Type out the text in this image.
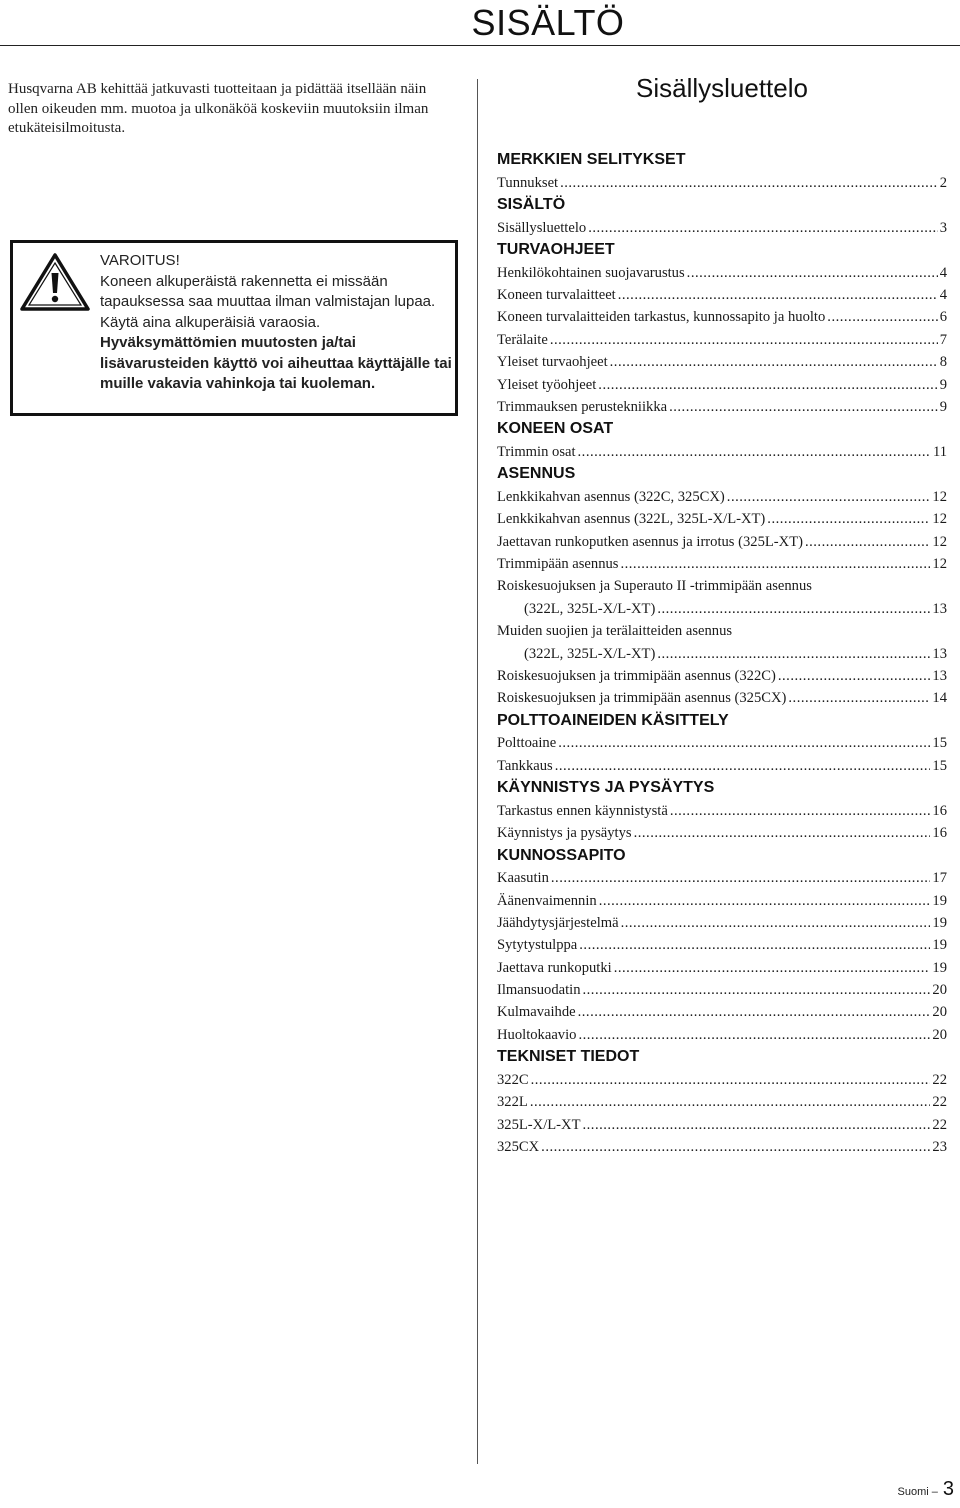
SISÄLTÖ
Husqvarna AB kehittää jatkuvasti tuotteitaan ja pidättää itsellään näin ollen oikeuden mm. muotoa ja ulkonäköä koskeviin muutoksiin ilman etukäteisilmoitusta.
VAROITUS!
Koneen alkuperäistä rakennetta ei missään tapauksessa saa muuttaa ilman valmistajan lupaa. Käytä aina alkuperäisiä varaosia. Hyväksymättömien muutosten ja/tai lisävarusteiden käyttö voi aiheuttaa käyttäjälle tai muille vakavia vahinkoja tai kuoleman.
Sisällysluettelo
MERKKIEN SELITYKSET
Tunnukset .....	2
SISÄLTÖ
Sisällysluettelo .....	3
TURVAOHJEET
Henkilökohtainen suojavarustus .....	4
Koneen turvalaitteet .....	4
Koneen turvalaitteiden tarkastus, kunnossapito ja huolto .....	6
Terälaite .....	7
Yleiset turvaohjeet .....	8
Yleiset työohjeet .....	9
Trimmauksen perustekniikka .....	9
KONEEN OSAT
Trimmin osat .....	11
ASENNUS
Lenkkikahvan asennus (322C, 325CX) .....	12
Lenkkikahvan asennus (322L, 325L-X/L-XT) .....	12
Jaettavan runkoputken asennus ja irrotus (325L-XT) .....	12
Trimmipään asennus .....	12
Roiskesuojuksen ja Superauto II -trimmipään asennus
(322L, 325L-X/L-XT) .....	13
Muiden suojien ja terälaitteiden asennus
(322L, 325L-X/L-XT) .....	13
Roiskesuojuksen ja trimmipään asennus (322C) .....	13
Roiskesuojuksen ja trimmipään asennus (325CX) .....	14
POLTTOAINEIDEN KÄSITTELY
Polttoaine .....	15
Tankkaus .....	15
KÄYNNISTYS JA PYSÄYTYS
Tarkastus ennen käynnistystä .....	16
Käynnistys ja pysäytys .....	16
KUNNOSSAPITO
Kaasutin .....	17
Äänenvaimennin .....	19
Jäähdytysjärjestelmä .....	19
Sytytystulppa .....	19
Jaettava runkoputki .....	19
Ilmansuodatin .....	20
Kulmavaihde .....	20
Huoltokaavio .....	20
TEKNISET TIEDOT
322C .....	22
322L .....	22
325L-X/L-XT .....	22
325CX .....	23
Suomi – 3
